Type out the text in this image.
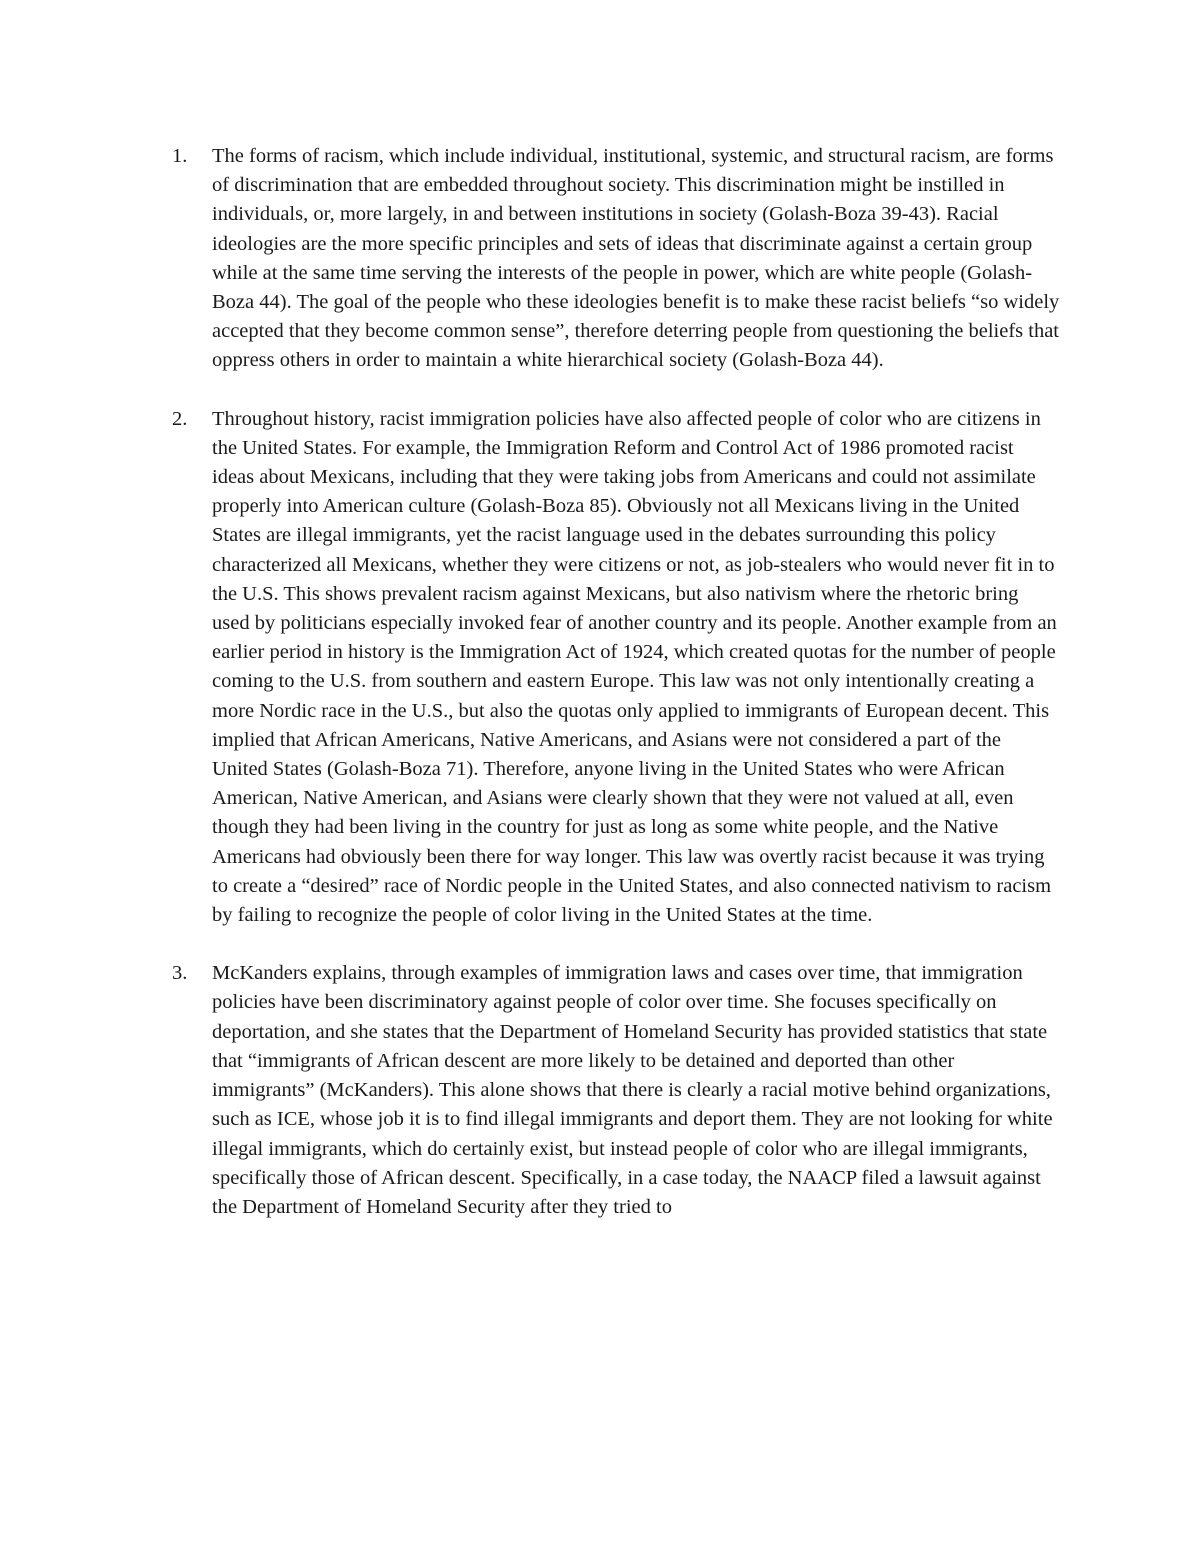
1.	The forms of racism, which include individual, institutional, systemic, and structural racism, are forms of discrimination that are embedded throughout society. This discrimination might be instilled in individuals, or, more largely, in and between institutions in society (Golash-Boza 39-43). Racial ideologies are the more specific principles and sets of ideas that discriminate against a certain group while at the same time serving the interests of the people in power, which are white people (Golash-Boza 44). The goal of the people who these ideologies benefit is to make these racist beliefs “so widely accepted that they become common sense”, therefore deterring people from questioning the beliefs that oppress others in order to maintain a white hierarchical society (Golash-Boza 44).
2.	Throughout history, racist immigration policies have also affected people of color who are citizens in the United States. For example, the Immigration Reform and Control Act of 1986 promoted racist ideas about Mexicans, including that they were taking jobs from Americans and could not assimilate properly into American culture (Golash-Boza 85). Obviously not all Mexicans living in the United States are illegal immigrants, yet the racist language used in the debates surrounding this policy characterized all Mexicans, whether they were citizens or not, as job-stealers who would never fit in to the U.S. This shows prevalent racism against Mexicans, but also nativism where the rhetoric bring used by politicians especially invoked fear of another country and its people. Another example from an earlier period in history is the Immigration Act of 1924, which created quotas for the number of people coming to the U.S. from southern and eastern Europe. This law was not only intentionally creating a more Nordic race in the U.S., but also the quotas only applied to immigrants of European decent. This implied that African Americans, Native Americans, and Asians were not considered a part of the United States (Golash-Boza 71). Therefore, anyone living in the United States who were African American, Native American, and Asians were clearly shown that they were not valued at all, even though they had been living in the country for just as long as some white people, and the Native Americans had obviously been there for way longer. This law was overtly racist because it was trying to create a “desired” race of Nordic people in the United States, and also connected nativism to racism by failing to recognize the people of color living in the United States at the time.
3.	McKanders explains, through examples of immigration laws and cases over time, that immigration policies have been discriminatory against people of color over time. She focuses specifically on deportation, and she states that the Department of Homeland Security has provided statistics that state that “immigrants of African descent are more likely to be detained and deported than other immigrants” (McKanders). This alone shows that there is clearly a racial motive behind organizations, such as ICE, whose job it is to find illegal immigrants and deport them. They are not looking for white illegal immigrants, which do certainly exist, but instead people of color who are illegal immigrants, specifically those of African descent. Specifically, in a case today, the NAACP filed a lawsuit against the Department of Homeland Security after they tried to
